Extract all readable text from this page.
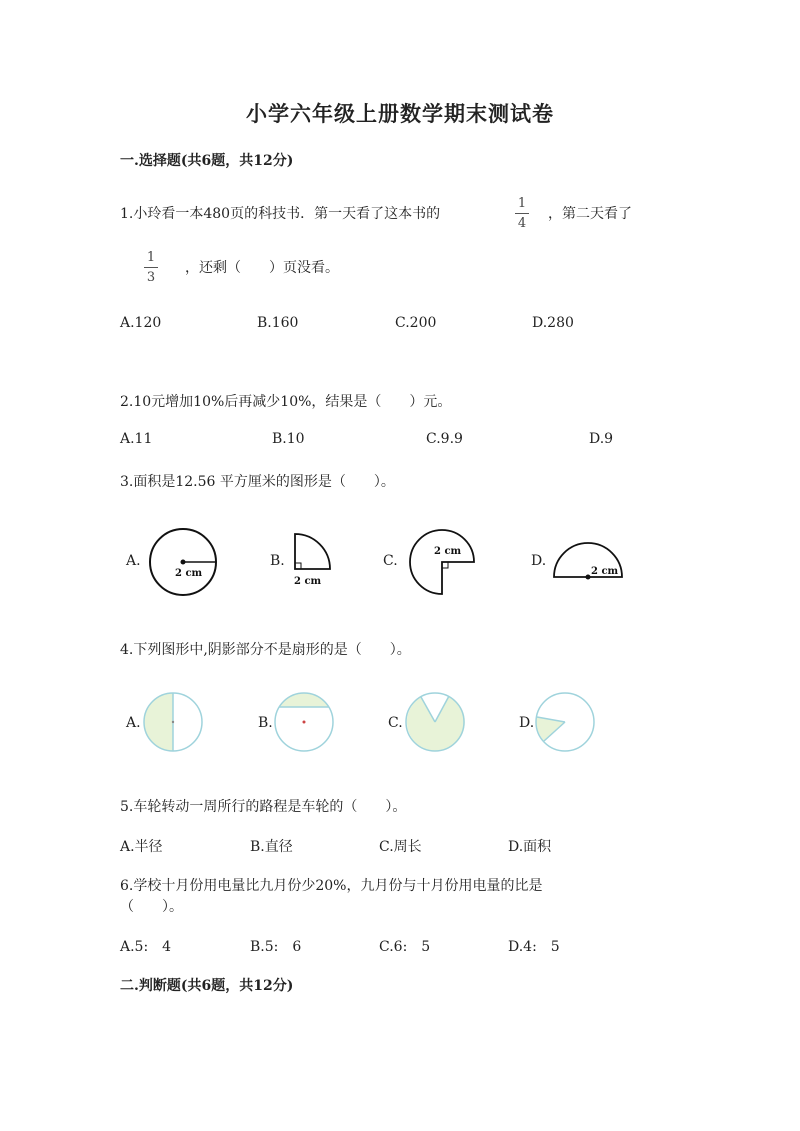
小学六年级上册数学期末测试卷
一.选择题(共6题，共12分)
1.小玲看一本480页的科技书．第一天看了这本书的
1
4
，第二天看了
1
3
，还剩（　　）页没看。
A.120	B.160	C.200	D.280
2.10元增加10%后再减少10%，结果是（　　）元。
A.11	B.10	C.9.9	D.9
3.面积是12.56 平方厘米的图形是（　　）。
A.	B.	C.	D.
2 cm
2 cm
2 cm
2 cm
4.下列图形中,阴影部分不是扇形的是（　　）。
A.	B.	C.	D.
5.车轮转动一周所行的路程是车轮的（　　）。
A.半径	B.直径	C.周长	D.面积
6.学校十月份用电量比九月份少20%，九月份与十月份用电量的比是
（　　）。
A.5:　4	B.5:　6	C.6:　5	D.4:　5
二.判断题(共6题，共12分)
